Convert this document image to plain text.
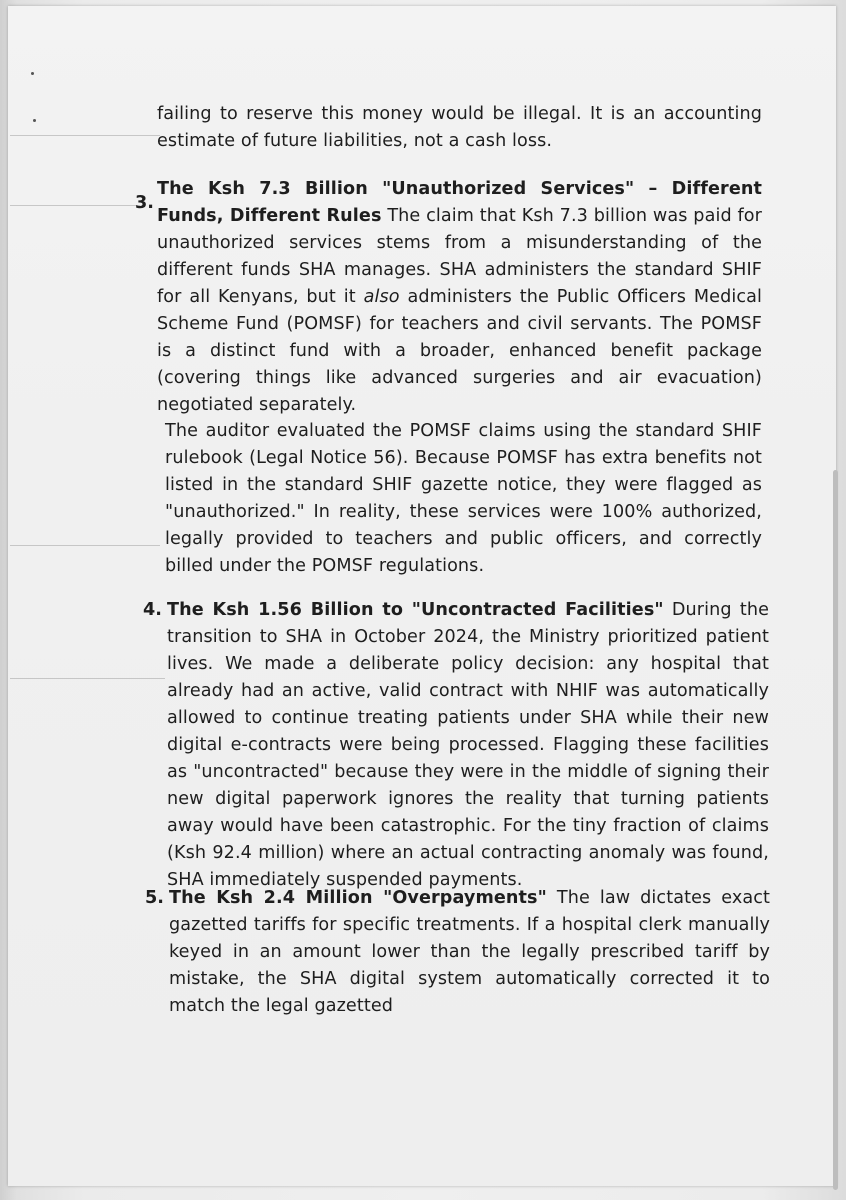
failing to reserve this money would be illegal. It is an accounting estimate of future liabilities, not a cash loss.

3.

The Ksh 7.3 Billion "Unauthorized Services" – Different Funds, Different Rules The claim that Ksh 7.3 billion was paid for unauthorized services stems from a misunderstanding of the different funds SHA manages. SHA administers the standard SHIF for all Kenyans, but it also administers the Public Officers Medical Scheme Fund (POMSF) for teachers and civil servants. The POMSF is a distinct fund with a broader, enhanced benefit package (covering things like advanced surgeries and air evacuation) negotiated separately.

The auditor evaluated the POMSF claims using the standard SHIF rulebook (Legal Notice 56). Because POMSF has extra benefits not listed in the standard SHIF gazette notice, they were flagged as "unauthorized." In reality, these services were 100% authorized, legally provided to teachers and public officers, and correctly billed under the POMSF regulations.

4. The Ksh 1.56 Billion to "Uncontracted Facilities" During the transition to SHA in October 2024, the Ministry prioritized patient lives. We made a deliberate policy decision: any hospital that already had an active, valid contract with NHIF was automatically allowed to continue treating patients under SHA while their new digital e-contracts were being processed. Flagging these facilities as "uncontracted" because they were in the middle of signing their new digital paperwork ignores the reality that turning patients away would have been catastrophic. For the tiny fraction of claims (Ksh 92.4 million) where an actual contracting anomaly was found, SHA immediately suspended payments.

5. The Ksh 2.4 Million "Overpayments" The law dictates exact gazetted tariffs for specific treatments. If a hospital clerk manually keyed in an amount lower than the legally prescribed tariff by mistake, the SHA digital system automatically corrected it to match the legal gazetted
